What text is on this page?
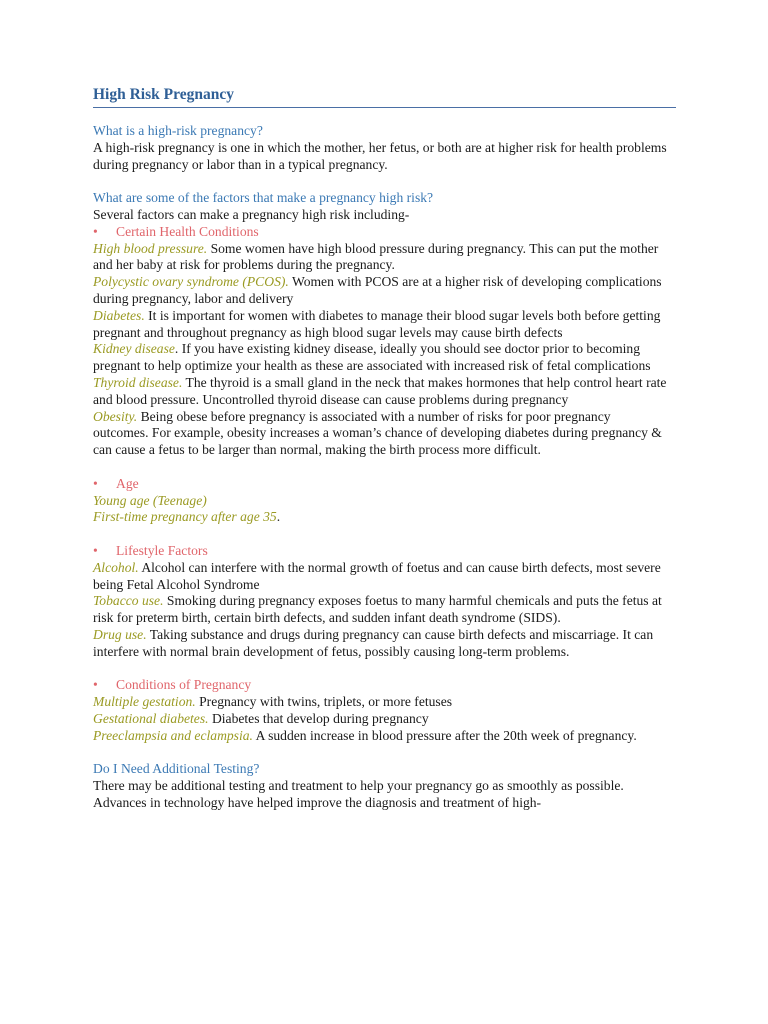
High Risk Pregnancy

What is a high-risk pregnancy?

A high-risk pregnancy is one in which the mother, her fetus, or both are at higher risk for health problems during pregnancy or labor than in a typical pregnancy.

What are some of the factors that make a pregnancy high risk?

Several factors can make a pregnancy high risk including-

• Certain Health Conditions

High blood pressure. Some women have high blood pressure during pregnancy. This can put the mother and her baby at risk for problems during the pregnancy.

Polycystic ovary syndrome (PCOS). Women with PCOS are at a higher risk of developing complications during pregnancy, labor and delivery

Diabetes. It is important for women with diabetes to manage their blood sugar levels both before getting pregnant and throughout pregnancy as high blood sugar levels may cause birth defects

Kidney disease. If you have existing kidney disease, ideally you should see doctor prior to becoming pregnant to help optimize your health as these are associated with increased risk of fetal complications

Thyroid disease. The thyroid is a small gland in the neck that makes hormones that help control heart rate and blood pressure. Uncontrolled thyroid disease can cause problems during pregnancy

Obesity. Being obese before pregnancy is associated with a number of risks for poor pregnancy outcomes. For example, obesity increases a woman’s chance of developing diabetes during pregnancy & can cause a fetus to be larger than normal, making the birth process more difficult.

• Age

Young age (Teenage)

First-time pregnancy after age 35.

• Lifestyle Factors

Alcohol. Alcohol can interfere with the normal growth of foetus and can cause birth defects, most severe being Fetal Alcohol Syndrome

Tobacco use. Smoking during pregnancy exposes foetus to many harmful chemicals and puts the fetus at risk for preterm birth, certain birth defects, and sudden infant death syndrome (SIDS).

Drug use. Taking substance and drugs during pregnancy can cause birth defects and miscarriage. It can interfere with normal brain development of fetus, possibly causing long-term problems.

• Conditions of Pregnancy

Multiple gestation. Pregnancy with twins, triplets, or more fetuses

Gestational diabetes. Diabetes that develop during pregnancy

Preeclampsia and eclampsia. A sudden increase in blood pressure after the 20th week of pregnancy.

Do I Need Additional Testing?

There may be additional testing and treatment to help your pregnancy go as smoothly as possible. Advances in technology have helped improve the diagnosis and treatment of high-
